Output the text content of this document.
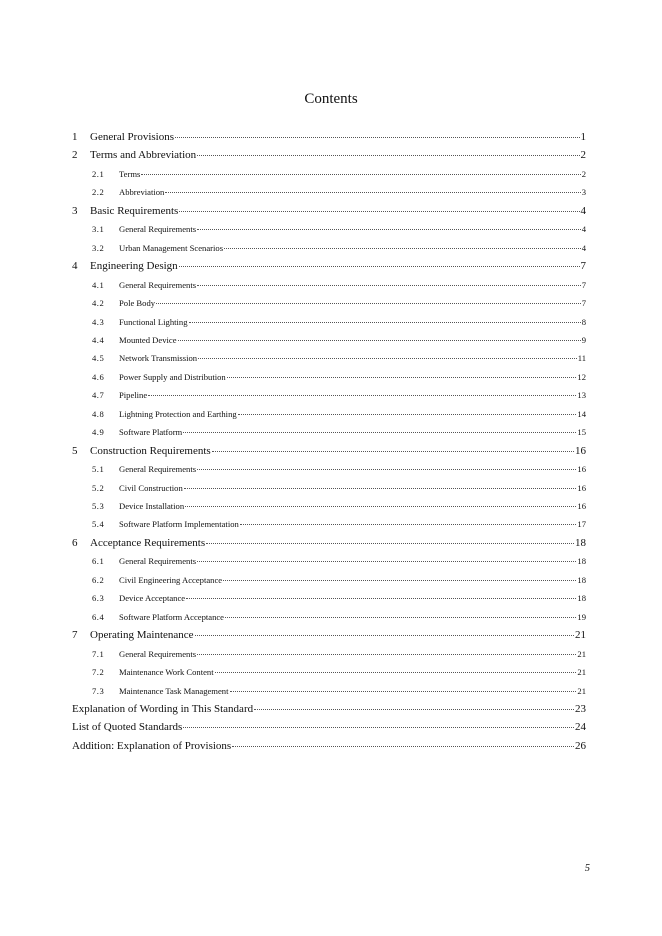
Contents
1	General Provisions	1
2	Terms and Abbreviation	2
2.1	Terms	2
2.2	Abbreviation	3
3	Basic Requirements	4
3.1	General Requirements	4
3.2	Urban Management Scenarios	4
4	Engineering Design	7
4.1	General Requirements	7
4.2	Pole Body	7
4.3	Functional Lighting	8
4.4	Mounted Device	9
4.5	Network Transmission	11
4.6	Power Supply and Distribution	12
4.7	Pipeline	13
4.8	Lightning Protection and Earthing	14
4.9	Software Platform	15
5	Construction Requirements	16
5.1	General Requirements	16
5.2	Civil Construction	16
5.3	Device Installation	16
5.4	Software Platform Implementation	17
6	Acceptance Requirements	18
6.1	General Requirements	18
6.2	Civil Engineering Acceptance	18
6.3	Device Acceptance	18
6.4	Software Platform Acceptance	19
7	Operating Maintenance	21
7.1	General Requirements	21
7.2	Maintenance Work Content	21
7.3	Maintenance Task Management	21
Explanation of Wording in This Standard	23
List of Quoted Standards	24
Addition: Explanation of Provisions	26
5
